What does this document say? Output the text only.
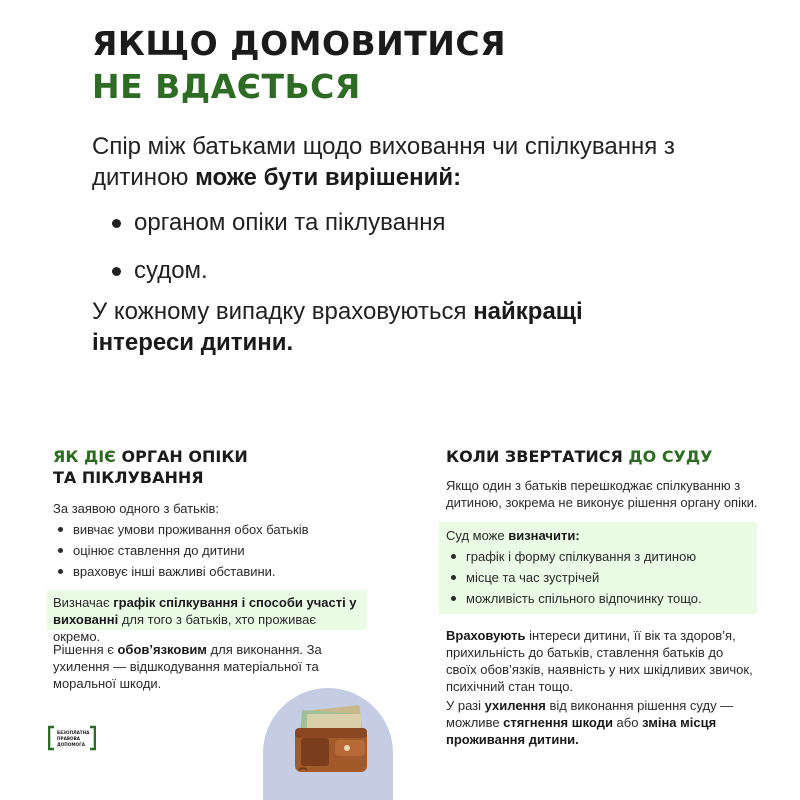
ЯКЩО ДОМОВИТИСЯ
НЕ ВДАЄТЬСЯ

Спір між батьками щодо виховання чи спілкування з дитиною може бути вирішений:

органом опіки та піклування
судом.

У кожному випадку враховуються найкращі інтереси дитини.

ЯК ДІЄ ОРГАН ОПІКИ
ТА ПІКЛУВАННЯ

За заявою одного з батьків:

вивчає умови проживання обох батьків
оцінює ставлення до дитини
враховує інші важливі обставини.

Визначає графік спілкування і способи участі у вихованні для того з батьків, хто проживає окремо.

Рішення є обов’язковим для виконання. За ухилення — відшкодування матеріальної та моральної шкоди.

БЕЗОПЛАТНА
ПРАВОВА
ДОПОМОГА
КОЛИ ЗВЕРТАТИСЯ ДО СУДУ

Якщо один з батьків перешкоджає спілкуванню з дитиною, зокрема не виконує рішення органу опіки.

Суд може визначити:

графік і форму спілкування з дитиною
місце та час зустрічей
можливість спільного відпочинку тощо.

Враховують інтереси дитини, її вік та здоров’я, прихильність до батьків, ставлення батьків до своїх обов’язків, наявність у них шкідливих звичок, психічний стан тощо.

У разі ухилення від виконання рішення суду — можливе стягнення шкоди або зміна місця проживання дитини.
